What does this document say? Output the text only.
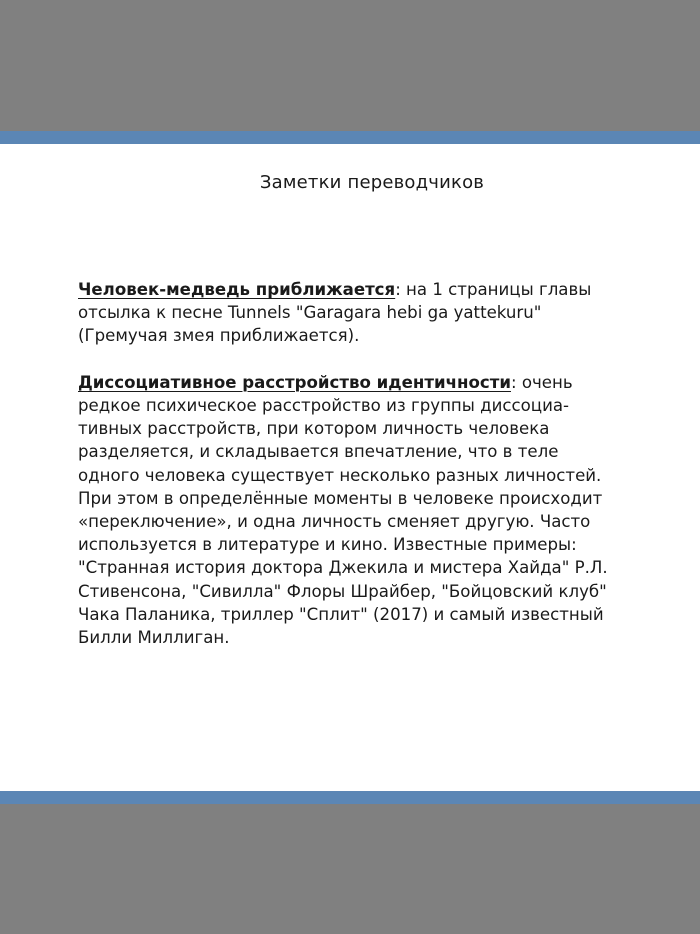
Заметки переводчиков

Человек-медведь приближается: на 1 страницы главы отсылка к песне Tunnels "Garagara hebi ga yattekuru" (Гремучая змея приближается).

Диссоциативное расстройство идентичности: очень редкое психическое расстройство из группы диссоциа-тивных расстройств, при котором личность человека разделяется, и складывается впечатление, что в теле одного человека существует несколько разных личностей. При этом в определённые моменты в человеке происходит «переключение», и одна личность сменяет другую. Часто используется в литературе и кино. Известные примеры: "Странная история доктора Джекила и мистера Хайда" Р.Л. Стивенсона, "Сивилла" Флоры Шрайбер, "Бойцовский клуб" Чака Паланика, триллер "Сплит" (2017) и самый известный Билли Миллиган.
